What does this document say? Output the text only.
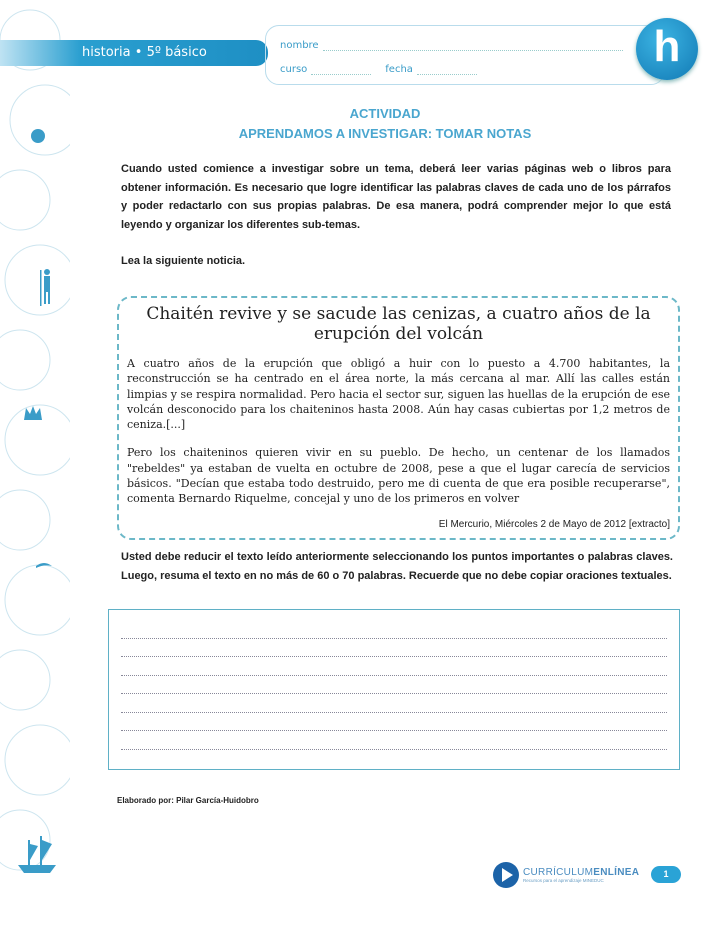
historia • 5º básico	nombre
curso	fecha	h
ACTIVIDAD
APRENDAMOS A INVESTIGAR: TOMAR NOTAS
Cuando usted comience a investigar sobre un tema, deberá leer varias páginas web o libros para obtener información. Es necesario que logre identificar las palabras claves de cada uno de los párrafos y poder redactarlo con sus propias palabras. De esa manera, podrá comprender mejor lo que está leyendo y organizar los diferentes sub-temas.
Lea la siguiente noticia.
Chaitén revive y se sacude las cenizas, a cuatro años de la erupción del volcán

A cuatro años de la erupción que obligó a huir con lo puesto a 4.700 habitantes, la reconstrucción se ha centrado en el área norte, la más cercana al mar. Allí las calles están limpias y se respira normalidad. Pero hacia el sector sur, siguen las huellas de la erupción de ese volcán desconocido para los chaiteninos hasta 2008. Aún hay casas cubiertas por 1,2 metros de ceniza.[...]

Pero los chaiteninos quieren vivir en su pueblo. De hecho, un centenar de los llamados "rebeldes" ya estaban de vuelta en octubre de 2008, pese a que el lugar carecía de servicios básicos. "Decían que estaba todo destruido, pero me di cuenta de que era posible recuperarse", comenta Bernardo Riquelme, concejal y uno de los primeros en volver

El Mercurio, Miércoles 2 de Mayo de 2012 [extracto]
Usted debe reducir el texto leído anteriormente seleccionando los puntos importantes o palabras claves. Luego, resuma el texto en no más de 60 o 70 palabras. Recuerde que no debe copiar oraciones textuales.
Elaborado por: Pilar García-Huidobro
CURRÍCULUMENLÍNEA
Recursos para el aprendizaje MINEDUC
1
